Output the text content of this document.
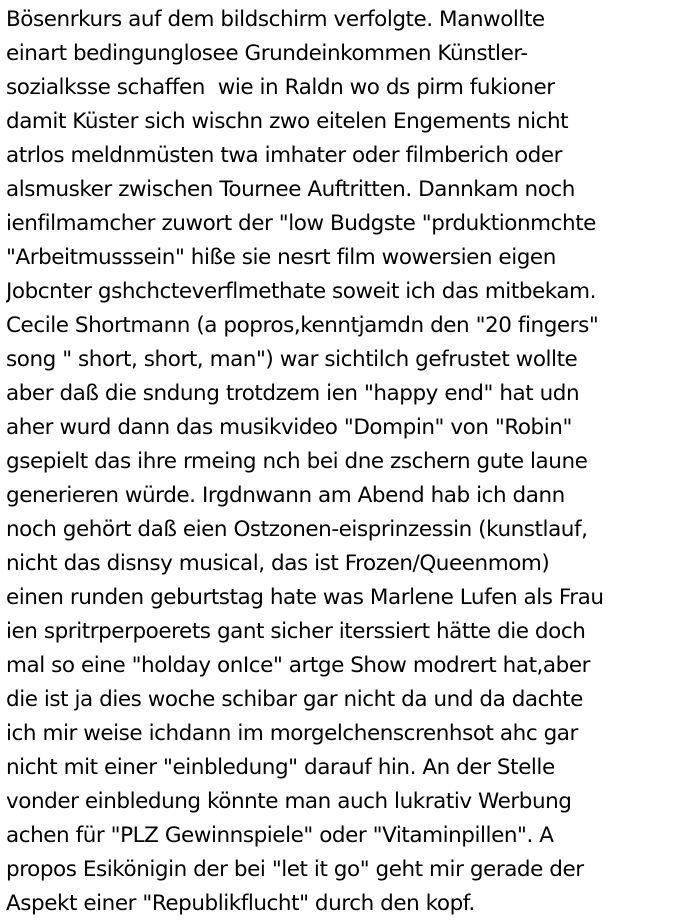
Bösenrkurs auf dem bildschirm verfolgte. Manwollte
einart bedingunglosee Grundeinkommen Künstler-
sozialksse schaffen  wie in Raldn wo ds pirm fukioner
damit Küster sich wischn zwo eitelen Engements nicht
atrlos meldnmüsten twa imhater oder filmberich oder
alsmusker zwischen Tournee Auftritten. Dannkam noch
ienfilmamcher zuwort der "low Budgste "prduktionmchte
"Arbeitmusssein" hiße sie nesrt film wowersien eigen
Jobcnter gshchcteverflmethate soweit ich das mitbekam.
Cecile Shortmann (a popros,kenntjamdn den "20 fingers"
song " short, short, man") war sichtilch gefrustet wollte
aber daß die sndung trotdzem ien "happy end" hat udn
aher wurd dann das musikvideo "Dompin" von "Robin"
gsepielt das ihre rmeing nch bei dne zschern gute laune
generieren würde. Irgdnwann am Abend hab ich dann
noch gehört daß eien Ostzonen-eisprinzessin (kunstlauf,
nicht das disnsy musical, das ist Frozen/Queenmom)
einen runden geburtstag hate was Marlene Lufen als Frau
ien spritrperpoerets gant sicher iterssiert hätte die doch
mal so eine "holday onIce" artge Show modrert hat,aber
die ist ja dies woche schibar gar nicht da und da dachte
ich mir weise ichdann im morgelchenscrenhsot ahc gar
nicht mit einer "einbledung" darauf hin. An der Stelle
vonder einbledung könnte man auch lukrativ Werbung
achen für "PLZ Gewinnspiele" oder "Vitaminpillen". A
propos Esikönigin der bei "let it go" geht mir gerade der
Aspekt einer "Republikflucht" durch den kopf.
